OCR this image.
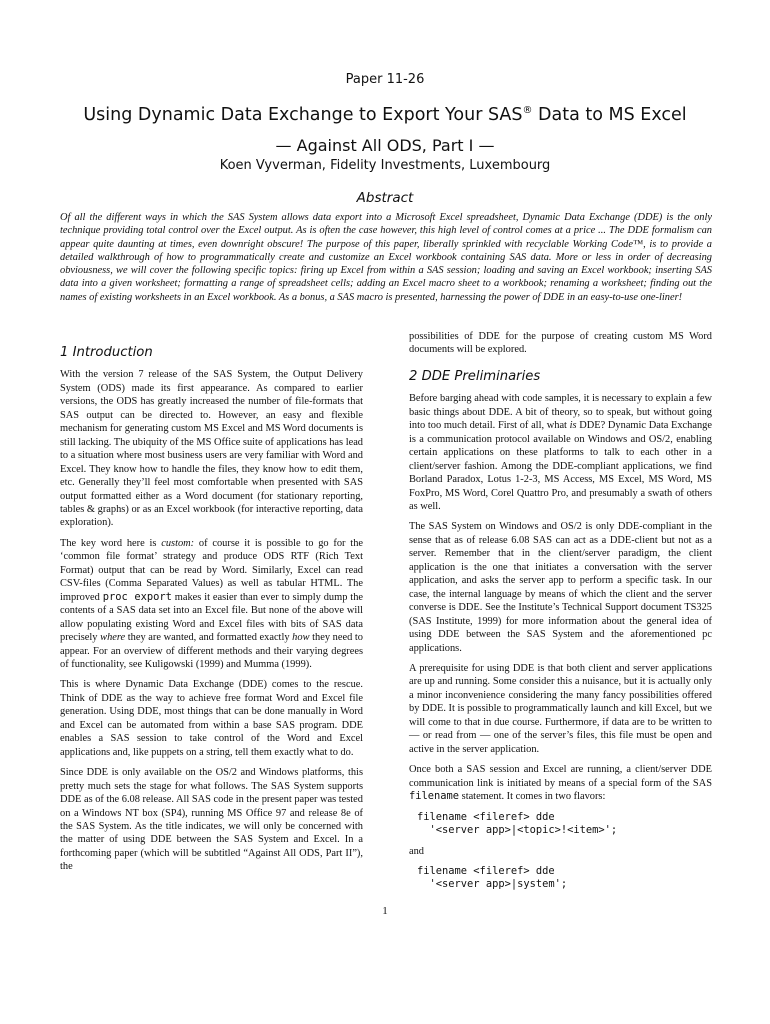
Paper 11-26
Using Dynamic Data Exchange to Export Your SAS® Data to MS Excel
— Against All ODS, Part I —
Koen Vyverman, Fidelity Investments, Luxembourg
Abstract
Of all the different ways in which the SAS System allows data export into a Microsoft Excel spreadsheet, Dynamic Data Exchange (DDE) is the only technique providing total control over the Excel output. As is often the case however, this high level of control comes at a price ... The DDE formalism can appear quite daunting at times, even downright obscure! The purpose of this paper, liberally sprinkled with recyclable Working Code™, is to provide a detailed walkthrough of how to programmatically create and customize an Excel workbook containing SAS data. More or less in order of decreasing obviousness, we will cover the following specific topics: firing up Excel from within a SAS session; loading and saving an Excel workbook; inserting SAS data into a given worksheet; formatting a range of spreadsheet cells; adding an Excel macro sheet to a workbook; renaming a worksheet; finding out the names of existing worksheets in an Excel workbook. As a bonus, a SAS macro is presented, harnessing the power of DDE in an easy-to-use one-liner!
1 Introduction

With the version 7 release of the SAS System, the Output Delivery System (ODS) made its first appearance. As compared to earlier versions, the ODS has greatly increased the number of file-formats that SAS output can be directed to. However, an easy and flexible mechanism for generating custom MS Excel and MS Word documents is still lacking. The ubiquity of the MS Office suite of applications has lead to a situation where most business users are very familiar with Word and Excel. They know how to handle the files, they know how to edit them, etc. Generally they’ll feel most comfortable when presented with SAS output formatted either as a Word document (for stationary reporting, tables & graphs) or as an Excel workbook (for interactive reporting, data exploration).

The key word here is custom: of course it is possible to go for the ‘common file format’ strategy and produce ODS RTF (Rich Text Format) output that can be read by Word. Similarly, Excel can read CSV-files (Comma Separated Values) as well as tabular HTML. The improved proc export makes it easier than ever to simply dump the contents of a SAS data set into an Excel file. But none of the above will allow populating existing Word and Excel files with bits of SAS data precisely where they are wanted, and formatted exactly how they need to appear. For an overview of different methods and their varying degrees of functionality, see Kuligowski (1999) and Mumma (1999).

This is where Dynamic Data Exchange (DDE) comes to the rescue. Think of DDE as the way to achieve free format Word and Excel file generation. Using DDE, most things that can be done manually in Word and Excel can be automated from within a base SAS program. DDE enables a SAS session to take control of the Word and Excel applications and, like puppets on a string, tell them exactly what to do.

Since DDE is only available on the OS/2 and Windows platforms, this pretty much sets the stage for what follows. The SAS System supports DDE as of the 6.08 release. All SAS code in the present paper was tested on a Windows NT box (SP4), running MS Office 97 and release 8e of the SAS System. As the title indicates, we will only be concerned with the matter of using DDE between the SAS System and Excel. In a forthcoming paper (which will be subtitled “Against All ODS, Part II”), the

possibilities of DDE for the purpose of creating custom MS Word documents will be explored.

2 DDE Preliminaries

Before barging ahead with code samples, it is necessary to explain a few basic things about DDE. A bit of theory, so to speak, but without going into too much detail. First of all, what is DDE? Dynamic Data Exchange is a communication protocol available on Windows and OS/2, enabling certain applications on these platforms to talk to each other in a client/server fashion. Among the DDE-compliant applications, we find Borland Paradox, Lotus 1-2-3, MS Access, MS Excel, MS Word, MS FoxPro, MS Word, Corel Quattro Pro, and presumably a swath of others as well.

The SAS System on Windows and OS/2 is only DDE-compliant in the sense that as of release 6.08 SAS can act as a DDE-client but not as a server. Remember that in the client/server paradigm, the client application is the one that initiates a conversation with the server application, and asks the server app to perform a specific task. In our case, the internal language by means of which the client and the server converse is DDE. See the Institute’s Technical Support document TS325 (SAS Institute, 1999) for more information about the general idea of using DDE between the SAS System and the aforementioned pc applications.

A prerequisite for using DDE is that both client and server applications are up and running. Some consider this a nuisance, but it is actually only a minor inconvenience considering the many fancy possibilities offered by DDE. It is possible to programmatically launch and kill Excel, but we will come to that in due course. Furthermore, if data are to be written to — or read from — one of the server’s files, this file must be open and active in the server application.

Once both a SAS session and Excel are running, a client/server DDE communication link is initiated by means of a special form of the SAS filename statement. It comes in two flavors:

filename <fileref> dde
'<server app>|<topic>!<item>';

and

filename <fileref> dde
'<server app>|system';
1
